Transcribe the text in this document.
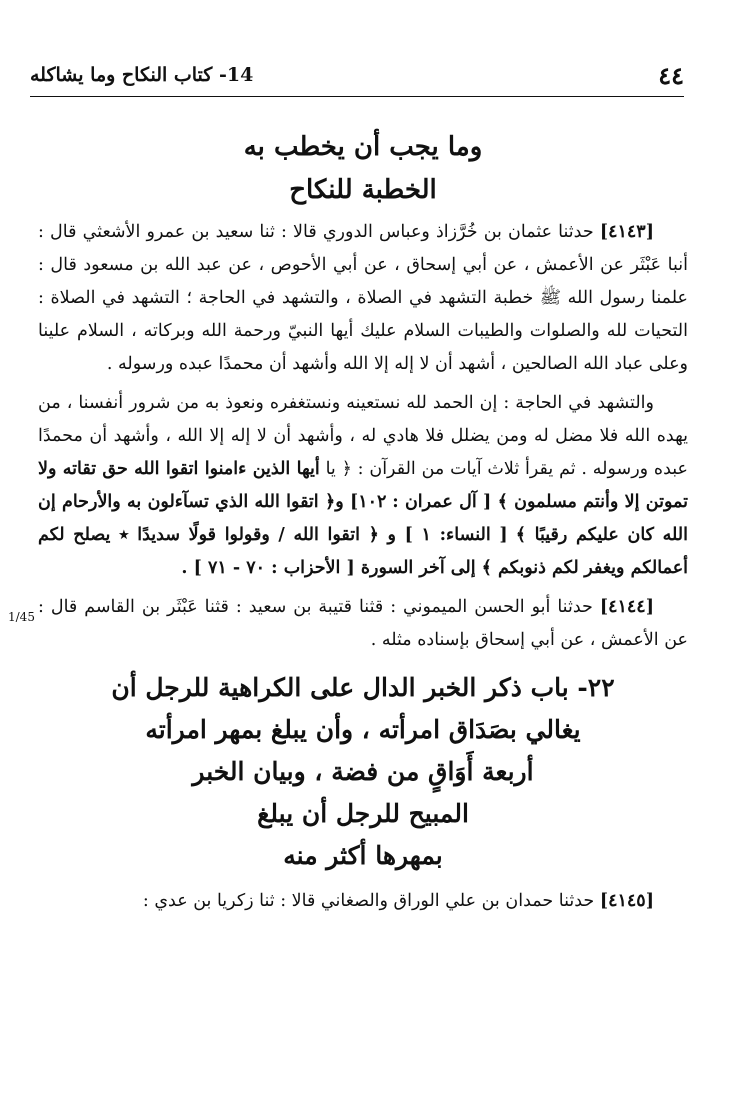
٤٤
14- كتاب النكاح وما يشاكله
1/45
وما يجب أن يخطب به
الخطبة للنكاح
[٤١٤٣] حدثنا عثمان بن خُرَّزاذ وعباس الدوري قالا : ثنا سعيد بن عمرو الأشعثي قال : أنبا عَبْثَر عن الأعمش ، عن أبي إسحاق ، عن أبي الأحوص ، عن عبد الله بن مسعود قال : علمنا رسول الله ﷺ خطبة التشهد في الصلاة ، والتشهد في الحاجة ؛ التشهد في الصلاة : التحيات لله والصلوات والطيبات السلام عليك أيها النبيّ ورحمة الله وبركاته ، السلام علينا وعلى عباد الله الصالحين ، أشهد أن لا إله إلا الله وأشهد أن محمدًا عبده ورسوله .
والتشهد في الحاجة : إن الحمد لله نستعينه ونستغفره ونعوذ به من شرور أنفسنا ، من يهده الله فلا مضل له ومن يضلل فلا هادي له ، وأشهد أن لا إله إلا الله ، وأشهد أن محمدًا عبده ورسوله . ثم يقرأ ثلاث آيات من القرآن : ﴿ يا أيها الذين ءامنوا اتقوا الله حق تقاته ولا تموتن إلا وأنتم مسلمون ﴾ [ آل عمران : ١٠٢] و﴿ اتقوا الله الذي تسآءلون به والأرحام إن الله كان عليكم رقيبًا ﴾ [ النساء: ١ ] و ﴿ اتقوا الله / وقولوا قولًا سديدًا ٭ يصلح لكم أعمالكم ويغفر لكم ذنوبكم ﴾ إلى آخر السورة [ الأحزاب : ٧٠ - ٧١ ] .
[٤١٤٤] حدثنا أبو الحسن الميموني : قثنا قتيبة بن سعيد : قثنا عَبْثَر بن القاسم قال : عن الأعمش ، عن أبي إسحاق بإسناده مثله .
٢٢- باب ذكر الخبر الدال على الكراهية للرجل أن
يغالي بصَدَاق امرأته ، وأن يبلغ بمهر امرأته
أربعة أَوَاقٍ من فضة ، وبيان الخبر
المبيح للرجل أن يبلغ
بمهرها أكثر منه
[٤١٤٥] حدثنا حمدان بن علي الوراق والصغاني قالا : ثنا زكريا بن عدي :
